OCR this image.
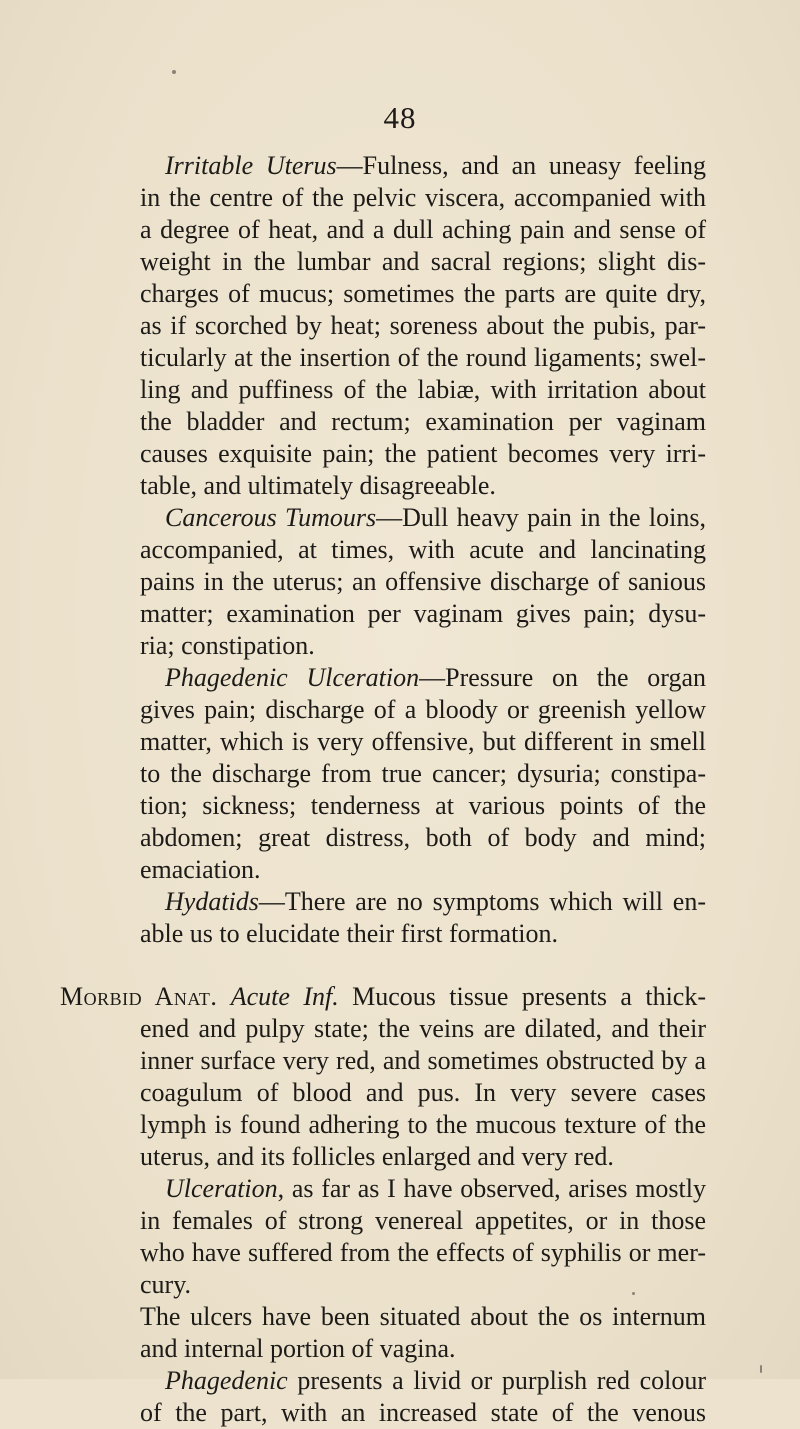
48
Irritable Uterus—Fulness, and an uneasy feeling
in the centre of the pelvic viscera, accompanied with
a degree of heat, and a dull aching pain and sense of
weight in the lumbar and sacral regions; slight dis-
charges of mucus; sometimes the parts are quite dry,
as if scorched by heat; soreness about the pubis, par-
ticularly at the insertion of the round ligaments; swel-
ling and puffiness of the labiæ, with irritation about
the bladder and rectum; examination per vaginam
causes exquisite pain; the patient becomes very irri-
table, and ultimately disagreeable.
Cancerous Tumours—Dull heavy pain in the loins,
accompanied, at times, with acute and lancinating
pains in the uterus; an offensive discharge of sanious
matter; examination per vaginam gives pain; dysu-
ria; constipation.
Phagedenic Ulceration—Pressure on the organ
gives pain; discharge of a bloody or greenish yellow
matter, which is very offensive, but different in smell
to the discharge from true cancer; dysuria; constipa-
tion; sickness; tenderness at various points of the
abdomen; great distress, both of body and mind;
emaciation.
Hydatids—There are no symptoms which will en-
able us to elucidate their first formation.
Morbid Anat. Acute Inf. Mucous tissue presents a thick-
ened and pulpy state; the veins are dilated, and their
inner surface very red, and sometimes obstructed by a
coagulum of blood and pus. In very severe cases
lymph is found adhering to the mucous texture of the
uterus, and its follicles enlarged and very red.
Ulceration, as far as I have observed, arises mostly
in females of strong venereal appetites, or in those
who have suffered from the effects of syphilis or mer-
cury.
The ulcers have been situated about the os internum
and internal portion of vagina.
Phagedenic presents a livid or purplish red colour
of the part, with an increased state of the venous
